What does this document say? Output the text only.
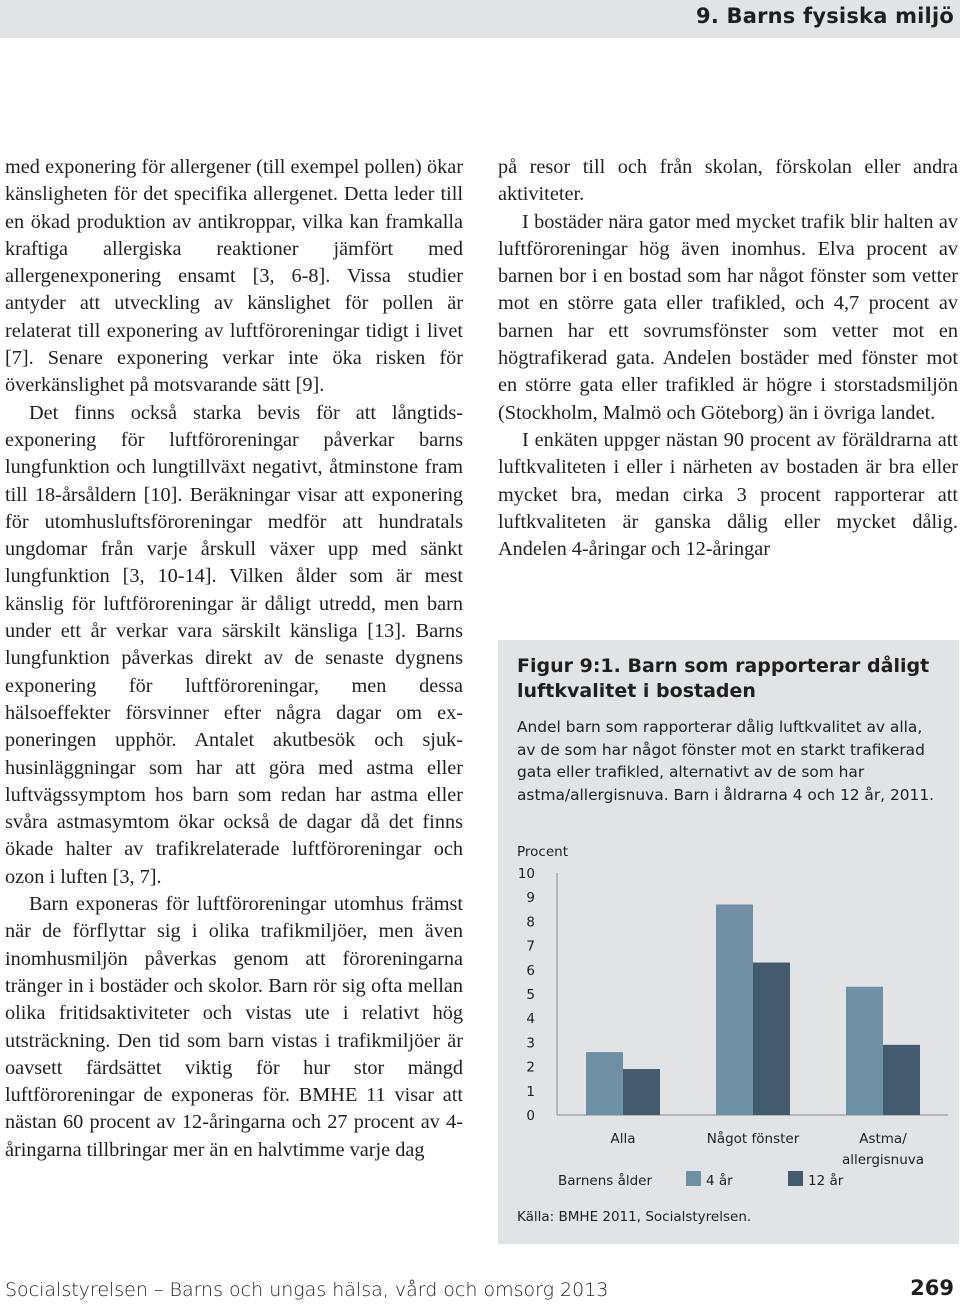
9. Barns fysiska miljö

med exponering för allergener (till exempel pollen) ökar känsligheten för det specifika allergenet. Detta leder till en ökad produktion av antikroppar, vilka kan framkalla kraftiga allergiska reaktioner jämfört med allergenexponering ensamt [3, 6-8]. Vissa studier antyder att utveckling av känslighet för pollen är relaterat till exponering av luftföroreningar tidigt i livet [7]. Senare exponering verkar inte öka risken för överkänslighet på motsvarande sätt [9].

Det finns också starka bevis för att långtidsexponering för luftföroreningar påverkar barns lungfunktion och lungtillväxt negativt, åtminstone fram till 18-årsåldern [10]. Beräkningar visar att exponering för utomhusluftsföroreningar medför att hundratals ungdomar från varje årskull växer upp med sänkt lungfunktion [3, 10-14]. Vilken ålder som är mest känslig för luftföroreningar är dåligt utredd, men barn under ett år verkar vara särskilt känsliga [13]. Barns lungfunktion påverkas direkt av de senaste dygnens exponering för luftföroreningar, men dessa hälsoeffekter försvinner efter några dagar om exponeringen upphör. Antalet akutbesök och sjukhusinläggningar som har att göra med astma eller luftvägssymptom hos barn som redan har astma eller svåra astmasymtom ökar också de dagar då det finns ökade halter av trafikrelaterade luftföroreningar och ozon i luften [3, 7].

Barn exponeras för luftföroreningar utomhus främst när de förflyttar sig i olika trafikmiljöer, men även inomhusmiljön påverkas genom att föroreningarna tränger in i bostäder och skolor. Barn rör sig ofta mellan olika fritidsaktiviteter och vistas ute i relativt hög utsträckning. Den tid som barn vistas i trafikmiljöer är oavsett färdsättet viktig för hur stor mängd luftföroreningar de exponeras för. BMHE 11 visar att nästan 60 procent av 12-åringarna och 27 procent av 4-åringarna tillbringar mer än en halvtimme varje dag

på resor till och från skolan, förskolan eller andra aktiviteter.

I bostäder nära gator med mycket trafik blir halten av luftföroreningar hög även inomhus. Elva procent av barnen bor i en bostad som har något fönster som vetter mot en större gata eller trafikled, och 4,7 procent av barnen har ett sovrumsfönster som vetter mot en högtrafikerad gata. Andelen bostäder med fönster mot en större gata eller trafikled är högre i storstadsmiljön (Stockholm, Malmö och Göteborg) än i övriga landet.

I enkäten uppger nästan 90 procent av föräldrarna att luftkvaliteten i eller i närheten av bostaden är bra eller mycket bra, medan cirka 3 procent rapporterar att luftkvaliteten är ganska dålig eller mycket dålig. Andelen 4-åringar och 12-åringar

Figur 9:1. Barn som rapporterar dåligt luftkvalitet i bostaden
Andel barn som rapporterar dålig luftkvalitet av alla, av de som har något fönster mot en starkt trafikerad gata eller trafikled, alternativt av de som har astma/allergisnuva. Barn i åldrarna 4 och 12 år, 2011.
Procent
0
1
2
3
4
5
6
7
8
9
10
Alla	Något fönster	Astma/
allergisnuva
Barnens ålder	4 år	12 år
Källa: BMHE 2011, Socialstyrelsen.
Socialstyrelsen – Barns och ungas hälsa, vård och omsorg 2013	269
